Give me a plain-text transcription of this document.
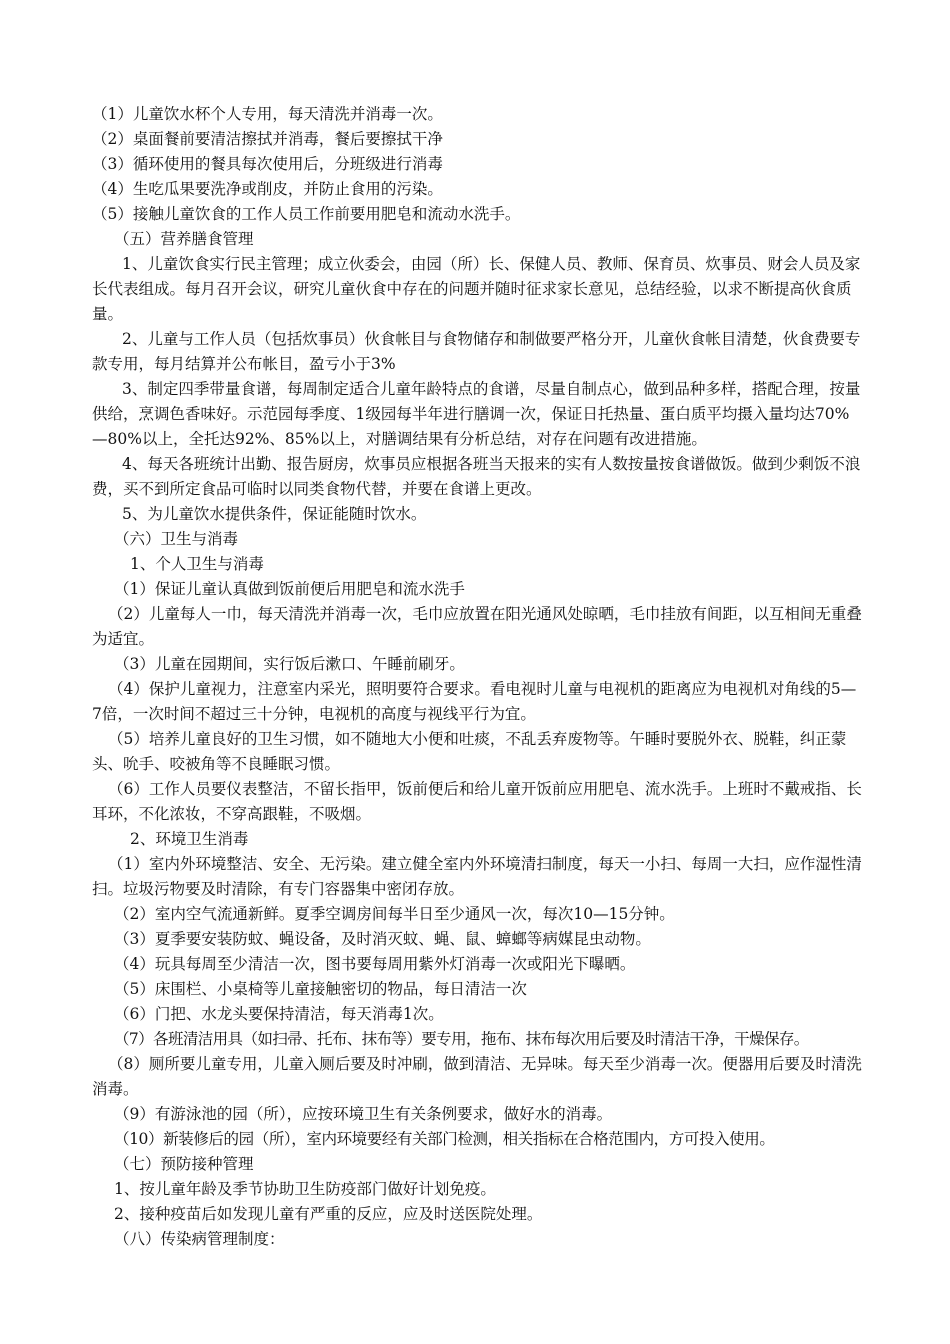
（1）儿童饮水杯个人专用，每天清洗并消毒一次。
（2）桌面餐前要清洁擦拭并消毒，餐后要擦拭干净
（3）循环使用的餐具每次使用后，分班级进行消毒
（4）生吃瓜果要洗净或削皮，并防止食用的污染。
（5）接触儿童饮食的工作人员工作前要用肥皂和流动水洗手。
（五）营养膳食管理
1、儿童饮食实行民主管理；成立伙委会，由园（所）长、保健人员、教师、保育员、炊事员、财会人员及家长代表组成。每月召开会议，研究儿童伙食中存在的问题并随时征求家长意见，总结经验，以求不断提高伙食质量。
2、儿童与工作人员（包括炊事员）伙食帐目与食物储存和制做要严格分开，儿童伙食帐目清楚，伙食费要专款专用，每月结算并公布帐目，盈亏小于3%
3、制定四季带量食谱，每周制定适合儿童年龄特点的食谱，尽量自制点心，做到品种多样，搭配合理，按量供给，烹调色香味好。示范园每季度、1级园每半年进行膳调一次，保证日托热量、蛋白质平均摄入量均达70%—80%以上，全托达92%、85%以上，对膳调结果有分析总结，对存在问题有改进措施。
4、每天各班统计出勤、报告厨房，炊事员应根据各班当天报来的实有人数按量按食谱做饭。做到少剩饭不浪费，买不到所定食品可临时以同类食物代替，并要在食谱上更改。
5、为儿童饮水提供条件，保证能随时饮水。
（六）卫生与消毒
1、个人卫生与消毒
（1）保证儿童认真做到饭前便后用肥皂和流水洗手
（2）儿童每人一巾，每天清洗并消毒一次，毛巾应放置在阳光通风处晾晒，毛巾挂放有间距，以互相间无重叠为适宜。
（3）儿童在园期间，实行饭后漱口、午睡前刷牙。
（4）保护儿童视力，注意室内采光，照明要符合要求。看电视时儿童与电视机的距离应为电视机对角线的5—7倍，一次时间不超过三十分钟，电视机的高度与视线平行为宜。
（5）培养儿童良好的卫生习惯，如不随地大小便和吐痰，不乱丢弃废物等。午睡时要脱外衣、脱鞋，纠正蒙头、吮手、咬被角等不良睡眠习惯。
（6）工作人员要仪表整洁，不留长指甲，饭前便后和给儿童开饭前应用肥皂、流水洗手。上班时不戴戒指、长耳环，不化浓妆，不穿高跟鞋，不吸烟。
2、环境卫生消毒
（1）室内外环境整洁、安全、无污染。建立健全室内外环境清扫制度，每天一小扫、每周一大扫，应作湿性清扫。垃圾污物要及时清除，有专门容器集中密闭存放。
（2）室内空气流通新鲜。夏季空调房间每半日至少通风一次，每次10—15分钟。
（3）夏季要安装防蚊、蝇设备，及时消灭蚊、蝇、鼠、蟑螂等病媒昆虫动物。
（4）玩具每周至少清洁一次，图书要每周用紫外灯消毒一次或阳光下曝晒。
（5）床围栏、小桌椅等儿童接触密切的物品，每日清洁一次
（6）门把、水龙头要保持清洁，每天消毒1次。
（7）各班清洁用具（如扫帚、托布、抹布等）要专用，拖布、抹布每次用后要及时清洁干净，干燥保存。
（8）厕所要儿童专用，儿童入厕后要及时冲刷，做到清洁、无异味。每天至少消毒一次。便器用后要及时清洗消毒。
（9）有游泳池的园（所），应按环境卫生有关条例要求，做好水的消毒。
（10）新装修后的园（所），室内环境要经有关部门检测，相关指标在合格范围内，方可投入使用。
（七）预防接种管理
1、按儿童年龄及季节协助卫生防疫部门做好计划免疫。
2、接种疫苗后如发现儿童有严重的反应，应及时送医院处理。
（八）传染病管理制度：
